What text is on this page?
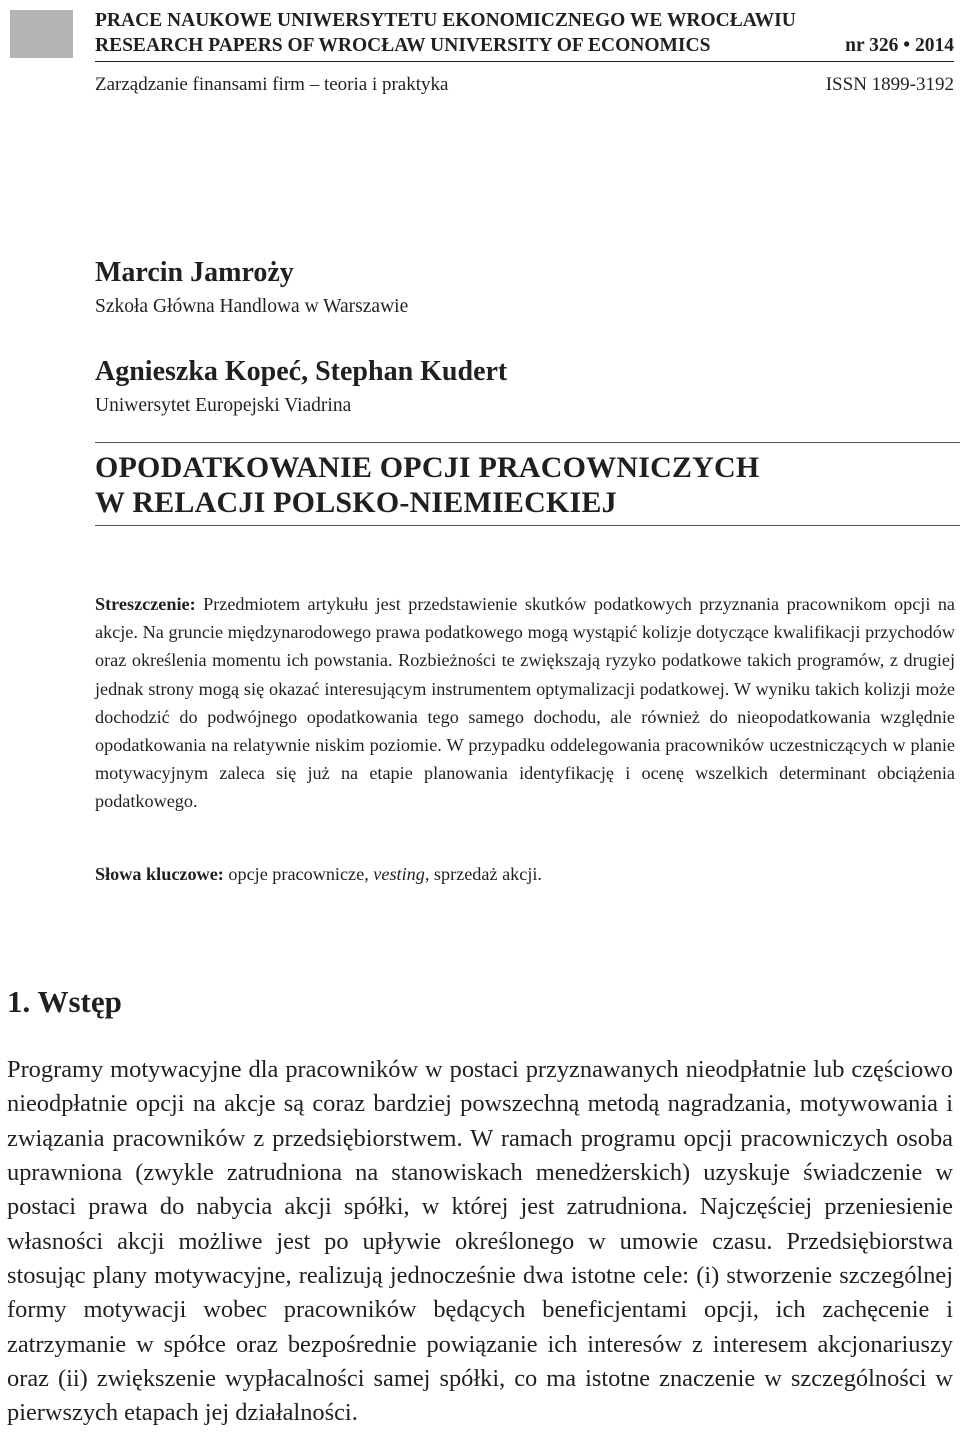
PRACE NAUKOWE UNIWERSYTETU EKONOMICZNEGO WE WROCŁAWIU
RESEARCH PAPERS OF WROCŁAW UNIVERSITY OF ECONOMICS	nr 326 • 2014
Zarządzanie finansami firm – teoria i praktyka	ISSN 1899-3192
Marcin Jamroży
Szkoła Główna Handlowa w Warszawie
Agnieszka Kopeć, Stephan Kudert
Uniwersytet Europejski Viadrina
OPODATKOWANIE OPCJI PRACOWNICZYCH
W RELACJI POLSKO-NIEMIECKIEJ
Streszczenie: Przedmiotem artykułu jest przedstawienie skutków podatkowych przyznania pracownikom opcji na akcje. Na gruncie międzynarodowego prawa podatkowego mogą wystąpić kolizje dotyczące kwalifikacji przychodów oraz określenia momentu ich powstania. Rozbieżności te zwiększają ryzyko podatkowe takich programów, z drugiej jednak strony mogą się okazać interesującym instrumentem optymalizacji podatkowej. W wyniku takich kolizji może dochodzić do podwójnego opodatkowania tego samego dochodu, ale również do nieopodatkowania względnie opodatkowania na relatywnie niskim poziomie. W przypadku oddelegowania pracowników uczestniczących w planie motywacyjnym zaleca się już na etapie planowania identyfikację i ocenę wszelkich determinant obciążenia podatkowego.
Słowa kluczowe: opcje pracownicze, vesting, sprzedaż akcji.
1. Wstęp
Programy motywacyjne dla pracowników w postaci przyznawanych nieodpłatnie lub częściowo nieodpłatnie opcji na akcje są coraz bardziej powszechną metodą nagradzania, motywowania i związania pracowników z przedsiębiorstwem. W ramach programu opcji pracowniczych osoba uprawniona (zwykle zatrudniona na stanowiskach menedżerskich) uzyskuje świadczenie w postaci prawa do nabycia akcji spółki, w której jest zatrudniona. Najczęściej przeniesienie własności akcji możliwe jest po upływie określonego w umowie czasu. Przedsiębiorstwa stosując plany motywacyjne, realizują jednocześnie dwa istotne cele: (i) stworzenie szczególnej formy motywacji wobec pracowników będących beneficjentami opcji, ich zachęcenie i zatrzymanie w spółce oraz bezpośrednie powiązanie ich interesów z interesem akcjonariuszy oraz (ii) zwiększenie wypłacalności samej spółki, co ma istotne znaczenie w szczególności w pierwszych etapach jej działalności.
